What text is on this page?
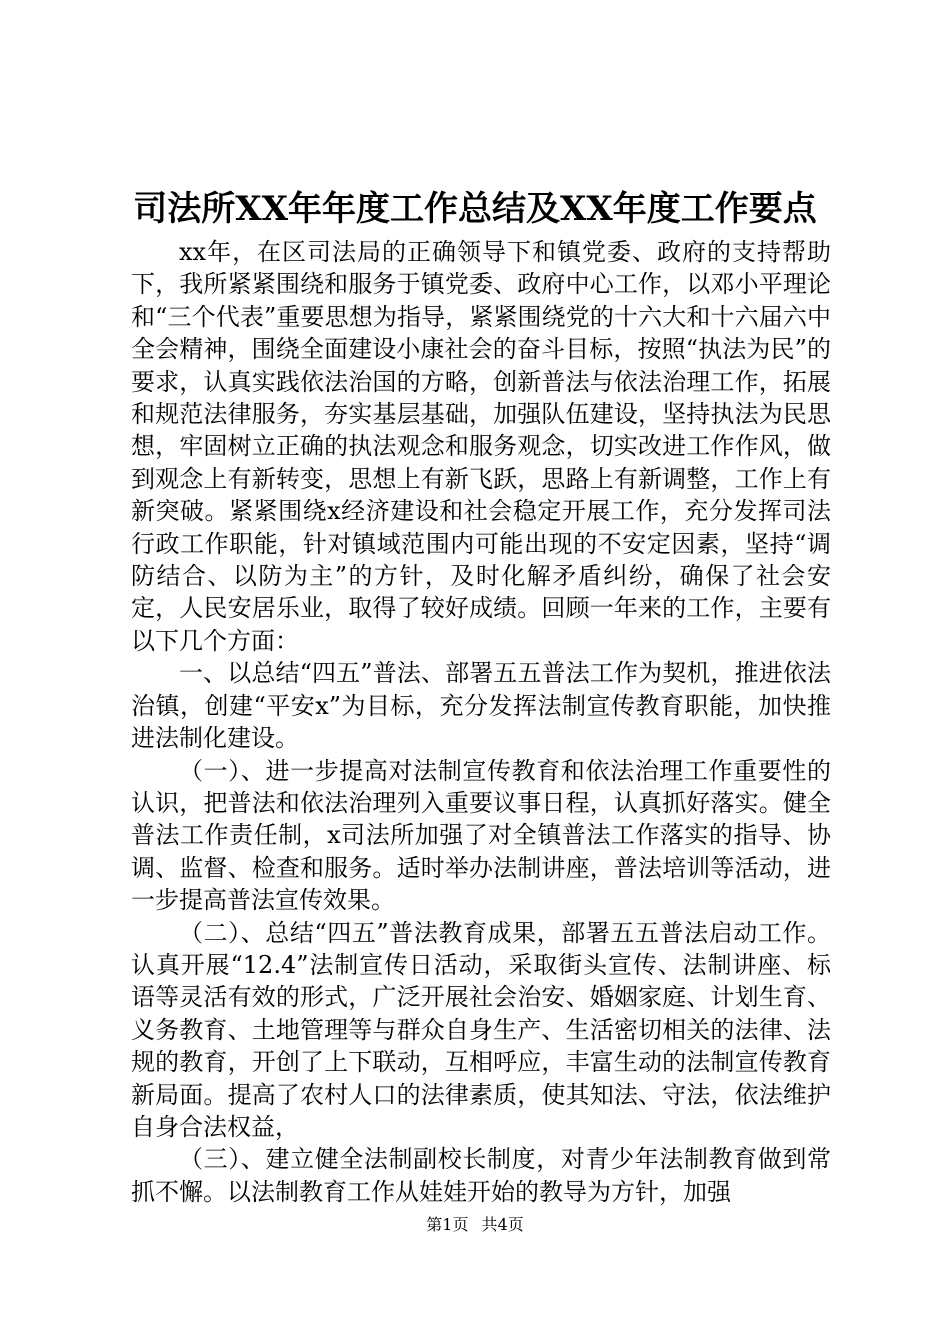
司法所XX年年度工作总结及XX年度工作要点

xx年，在区司法局的正确领导下和镇党委、政府的支持帮助下，我所紧紧围绕和服务于镇党委、政府中心工作，以邓小平理论和“三个代表”重要思想为指导，紧紧围绕党的十六大和十六届六中全会精神，围绕全面建设小康社会的奋斗目标，按照“执法为民”的要求，认真实践依法治国的方略，创新普法与依法治理工作，拓展和规范法律服务，夯实基层基础，加强队伍建设，坚持执法为民思想，牢固树立正确的执法观念和服务观念，切实改进工作作风，做到观念上有新转变，思想上有新飞跃，思路上有新调整，工作上有新突破。紧紧围绕x经济建设和社会稳定开展工作，充分发挥司法行政工作职能，针对镇域范围内可能出现的不安定因素，坚持“调防结合、以防为主”的方针，及时化解矛盾纠纷，确保了社会安定，人民安居乐业，取得了较好成绩。回顾一年来的工作，主要有以下几个方面：

一、以总结“四五”普法、部署五五普法工作为契机，推进依法治镇，创建“平安x”为目标，充分发挥法制宣传教育职能，加快推进法制化建设。

（一）、进一步提高对法制宣传教育和依法治理工作重要性的认识，把普法和依法治理列入重要议事日程，认真抓好落实。健全普法工作责任制，x司法所加强了对全镇普法工作落实的指导、协调、监督、检查和服务。适时举办法制讲座，普法培训等活动，进一步提高普法宣传效果。

（二）、总结“四五”普法教育成果，部署五五普法启动工作。认真开展“12.4”法制宣传日活动，采取街头宣传、法制讲座、标语等灵活有效的形式，广泛开展社会治安、婚姻家庭、计划生育、义务教育、土地管理等与群众自身生产、生活密切相关的法律、法规的教育，开创了上下联动，互相呼应，丰富生动的法制宣传教育新局面。提高了农村人口的法律素质，使其知法、守法，依法维护自身合法权益，

（三）、建立健全法制副校长制度，对青少年法制教育做到常抓不懈。以法制教育工作从娃娃开始的教导为方针，加强

第1页 共4页
